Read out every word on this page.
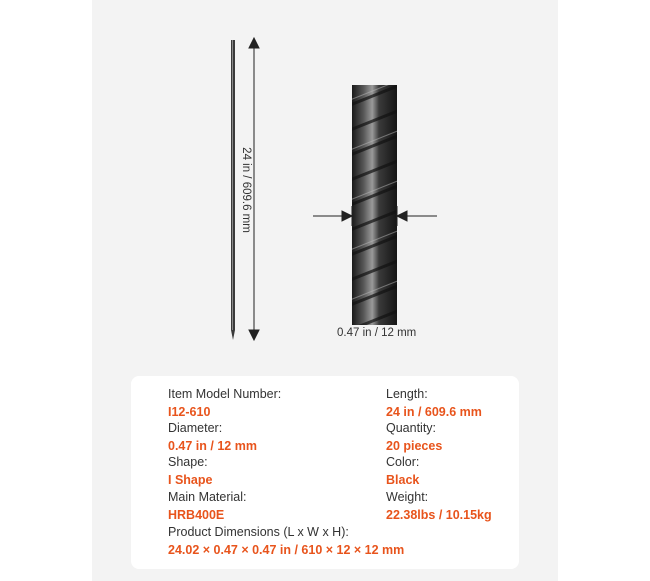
24 in / 609.6 mm
0.47 in / 12 mm
Item Model Number:
I12-610
Diameter:
0.47 in / 12 mm
Shape:
I Shape
Main Material:
HRB400E
Product Dimensions (L x W x H):
24.02 × 0.47 × 0.47 in / 610 × 12 × 12 mm
Length:
24 in / 609.6 mm
Quantity:
20 pieces
Color:
Black
Weight:
22.38lbs / 10.15kg
